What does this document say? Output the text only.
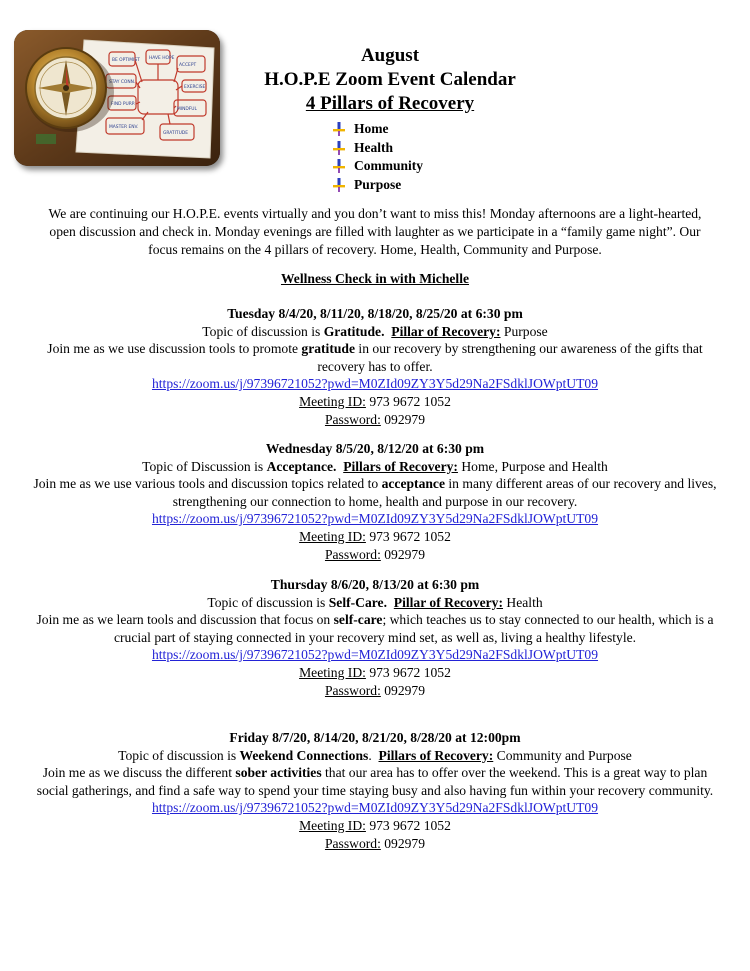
BE OPTIMIST HAVE HOPE
ACCEPT
STAY CONN.
EXERCISE
FIND PURP.
MINDFUL
MASTER ENV.
GRATITUDE
August
H.O.P.E Zoom Event Calendar
4 Pillars of Recovery
Home
Health
Community
Purpose
We are continuing our H.O.P.E. events virtually and you don’t want to miss this! Monday afternoons are a light-hearted, open discussion and check in. Monday evenings are filled with laughter as we participate in a “family game night”. Our focus remains on the 4 pillars of recovery. Home, Health, Community and Purpose.
Wellness Check in with Michelle
Tuesday 8/4/20, 8/11/20, 8/18/20, 8/25/20 at 6:30 pm
Topic of discussion is Gratitude. Pillar of Recovery: Purpose
Join me as we use discussion tools to promote gratitude in our recovery by strengthening our awareness of the gifts that recovery has to offer.
https://zoom.us/j/97396721052?pwd=M0ZId09ZY3Y5d29Na2FSdklJOWptUT09
Meeting ID: 973 9672 1052
Password: 092979
Wednesday 8/5/20, 8/12/20 at 6:30 pm
Topic of Discussion is Acceptance. Pillars of Recovery: Home, Purpose and Health
Join me as we use various tools and discussion topics related to acceptance in many different areas of our recovery and lives, strengthening our connection to home, health and purpose in our recovery.
https://zoom.us/j/97396721052?pwd=M0ZId09ZY3Y5d29Na2FSdklJOWptUT09
Meeting ID: 973 9672 1052
Password: 092979
Thursday 8/6/20, 8/13/20 at 6:30 pm
Topic of discussion is Self-Care. Pillar of Recovery: Health
Join me as we learn tools and discussion that focus on self-care; which teaches us to stay connected to our health, which is a crucial part of staying connected in your recovery mind set, as well as, living a healthy lifestyle.
https://zoom.us/j/97396721052?pwd=M0ZId09ZY3Y5d29Na2FSdklJOWptUT09
Meeting ID: 973 9672 1052
Password: 092979
Friday 8/7/20, 8/14/20, 8/21/20, 8/28/20 at 12:00pm
Topic of discussion is Weekend Connections.  Pillars of Recovery: Community and Purpose
Join me as we discuss the different sober activities that our area has to offer over the weekend. This is a great way to plan social gatherings, and find a safe way to spend your time staying busy and also having fun within your recovery community.
https://zoom.us/j/97396721052?pwd=M0ZId09ZY3Y5d29Na2FSdklJOWptUT09
Meeting ID: 973 9672 1052
Password: 092979
